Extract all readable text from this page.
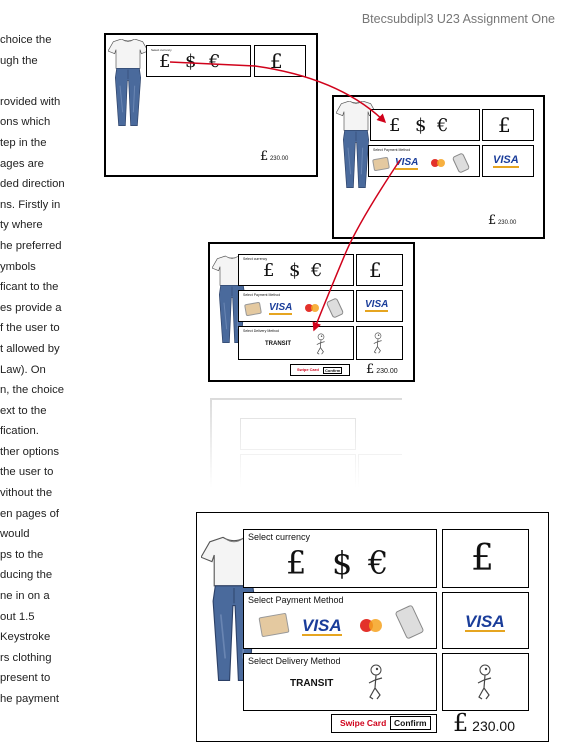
Btecsubdipl3 U23 Assignment One
choice the
ugh the
rovided with
ons which
tep in the
ages are
ded direction
ns. Firstly in
ty where
he preferred
ymbols
ficant to the
es provide a
f the user to
t allowed by
Law). On
n, the choice
ext to the
fication.
ther options
the user to
vithout the
en pages of
would
ps to the
ducing the
ne in on a
out 1.5
Keystroke
rs clothing
present to
he payment
Select currency
£ $ € £
£ 230.00
£ $ € £
Select Payment Method
VISA	VISA
£ 230.00
Select currency
£ $ € £
Select Payment Method
VISA	VISA
Select Delivery Method
TRANSIT
Swipe Card	Confirm £ 230.00
Select currency
£ $ € £
Select Payment Method
VISA	VISA
Select Delivery Method
TRANSIT
Swipe Card Confirm £ 230.00
